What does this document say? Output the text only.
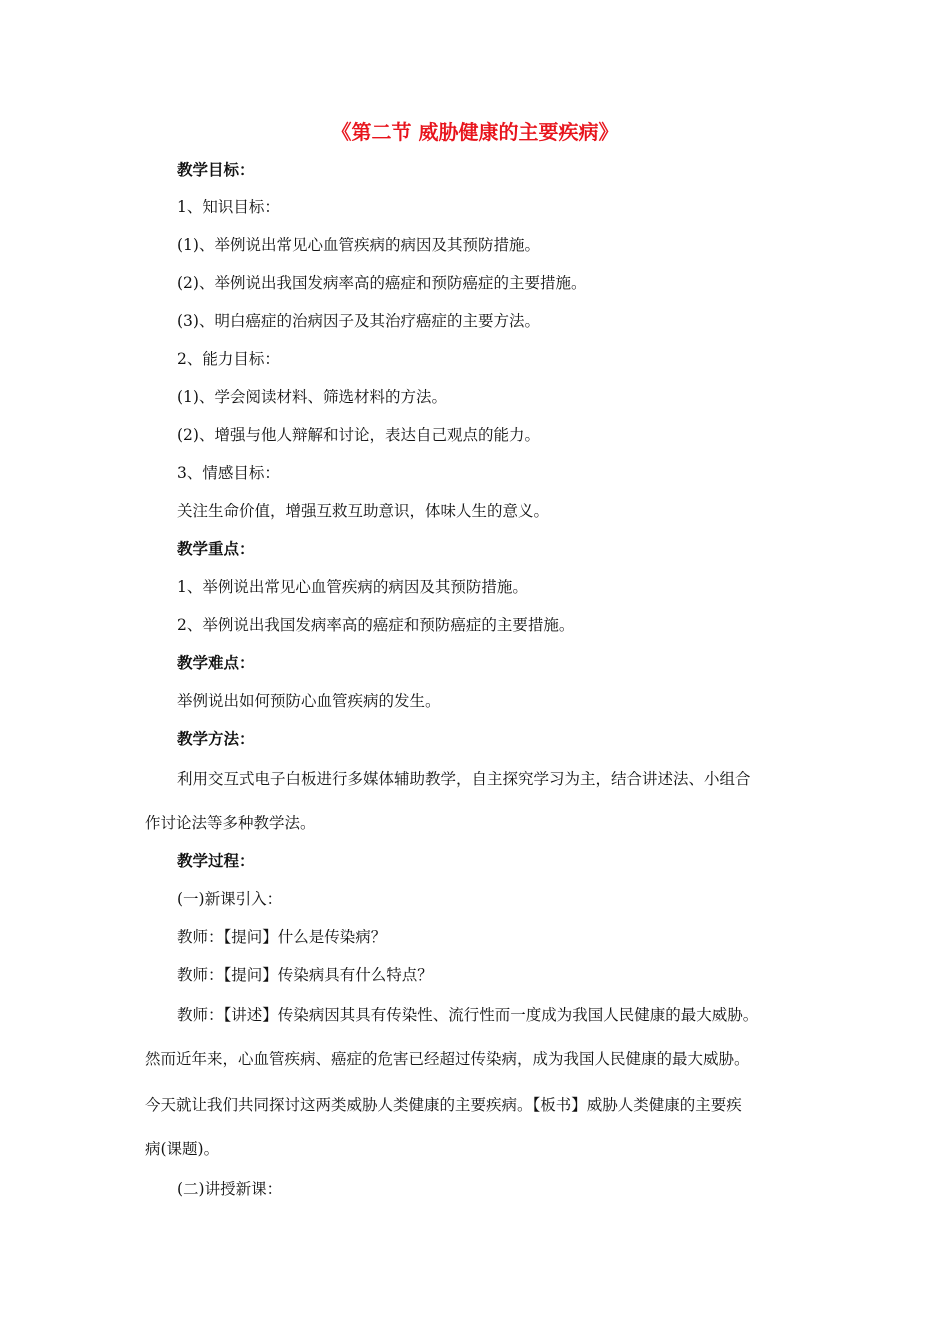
《第二节 威胁健康的主要疾病》
教学目标：
1、知识目标：
(1)、举例说出常见心血管疾病的病因及其预防措施。
(2)、举例说出我国发病率高的癌症和预防癌症的主要措施。
(3)、明白癌症的治病因子及其治疗癌症的主要方法。
2、能力目标：
(1)、学会阅读材料、筛选材料的方法。
(2)、增强与他人辩解和讨论，表达自己观点的能力。
3、情感目标：
关注生命价值，增强互救互助意识，体味人生的意义。
教学重点：
1、举例说出常见心血管疾病的病因及其预防措施。
2、举例说出我国发病率高的癌症和预防癌症的主要措施。
教学难点：
举例说出如何预防心血管疾病的发生。
教学方法：
利用交互式电子白板进行多媒体辅助教学，自主探究学习为主，结合讲述法、小组合
作讨论法等多种教学法。
教学过程：
(一)新课引入：
教师：【提问】什么是传染病？
教师：【提问】传染病具有什么特点？
教师：【讲述】传染病因其具有传染性、流行性而一度成为我国人民健康的最大威胁。
然而近年来，心血管疾病、癌症的危害已经超过传染病，成为我国人民健康的最大威胁。
今天就让我们共同探讨这两类威胁人类健康的主要疾病。【板书】威胁人类健康的主要疾
病(课题)。
(二)讲授新课：
